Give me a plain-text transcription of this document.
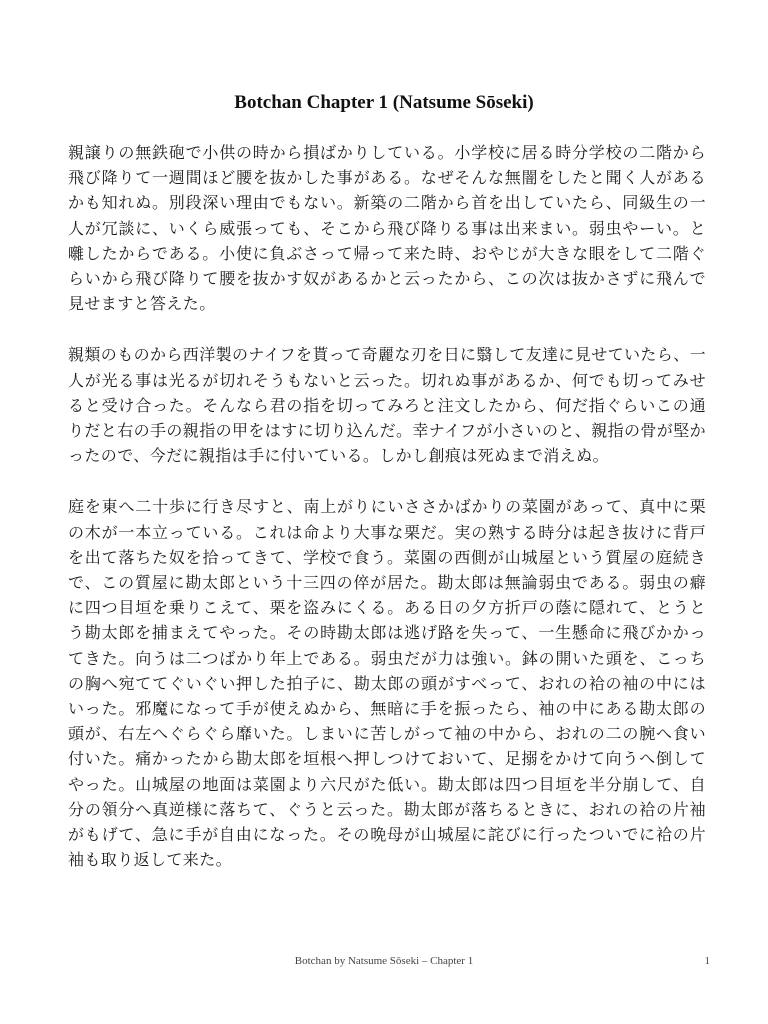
Botchan Chapter 1 (Natsume Sōseki)

親譲りの無鉄砲で小供の時から損ばかりしている。小学校に居る時分学校の二階から飛び降りて一週間ほど腰を抜かした事がある。なぜそんな無闇をしたと聞く人があるかも知れぬ。別段深い理由でもない。新築の二階から首を出していたら、同級生の一人が冗談に、いくら威張っても、そこから飛び降りる事は出来まい。弱虫やーい。と囃したからである。小使に負ぶさって帰って来た時、おやじが大きな眼をして二階ぐらいから飛び降りて腰を抜かす奴があるかと云ったから、この次は抜かさずに飛んで見せますと答えた。

親類のものから西洋製のナイフを貰って奇麗な刃を日に翳して友達に見せていたら、一人が光る事は光るが切れそうもないと云った。切れぬ事があるか、何でも切ってみせると受け合った。そんなら君の指を切ってみろと注文したから、何だ指ぐらいこの通りだと右の手の親指の甲をはすに切り込んだ。幸ナイフが小さいのと、親指の骨が堅かったので、今だに親指は手に付いている。しかし創痕は死ぬまで消えぬ。

庭を東へ二十歩に行き尽すと、南上がりにいささかばかりの菜園があって、真中に栗の木が一本立っている。これは命より大事な栗だ。実の熟する時分は起き抜けに背戸を出て落ちた奴を拾ってきて、学校で食う。菜園の西側が山城屋という質屋の庭続きで、この質屋に勘太郎という十三四の倅が居た。勘太郎は無論弱虫である。弱虫の癖に四つ目垣を乗りこえて、栗を盗みにくる。ある日の夕方折戸の蔭に隠れて、とうとう勘太郎を捕まえてやった。その時勘太郎は逃げ路を失って、一生懸命に飛びかかってきた。向うは二つばかり年上である。弱虫だが力は強い。鉢の開いた頭を、こっちの胸へ宛ててぐいぐい押した拍子に、勘太郎の頭がすべって、おれの袷の袖の中にはいった。邪魔になって手が使えぬから、無暗に手を振ったら、袖の中にある勘太郎の頭が、右左へぐらぐら靡いた。しまいに苦しがって袖の中から、おれの二の腕へ食い付いた。痛かったから勘太郎を垣根へ押しつけておいて、足搦をかけて向うへ倒してやった。山城屋の地面は菜園より六尺がた低い。勘太郎は四つ目垣を半分崩して、自分の領分へ真逆様に落ちて、ぐうと云った。勘太郎が落ちるときに、おれの袷の片袖がもげて、急に手が自由になった。その晩母が山城屋に詫びに行ったついでに袷の片袖も取り返して来た。

Botchan by Natsume Sōseki – Chapter 1	1
